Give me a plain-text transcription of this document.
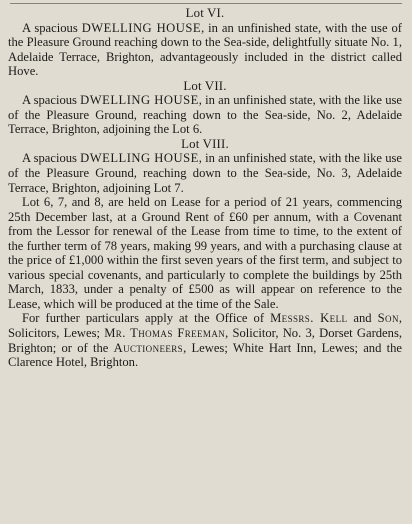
Lot VI.

A spacious DWELLING HOUSE, in an unfinished state, with the use of the Pleasure Ground reaching down to the Sea-side, delightfully situate No. 1, Adelaide Terrace, Brighton, advantageously included in the district called Hove.

Lot VII.

A spacious DWELLING HOUSE, in an unfinished state, with the like use of the Pleasure Ground, reaching down to the Sea-side, No. 2, Adelaide Terrace, Brighton, adjoining the Lot 6.

Lot VIII.

A spacious DWELLING HOUSE, in an unfinished state, with the like use of the Pleasure Ground, reaching down to the Sea-side, No. 3, Adelaide Terrace, Brighton, adjoining Lot 7.

Lot 6, 7, and 8, are held on Lease for a period of 21 years, commencing 25th December last, at a Ground Rent of £60 per annum, with a Covenant from the Lessor for renewal of the Lease from time to time, to the extent of the further term of 78 years, making 99 years, and with a purchasing clause at the price of £1,000 within the first seven years of the first term, and subject to various special covenants, and particularly to complete the buildings by 25th March, 1833, under a penalty of £500 as will appear on reference to the Lease, which will be produced at the time of the Sale.

For further particulars apply at the Office of Messrs. Kell and Son, Solicitors, Lewes; Mr. Thomas Freeman, Solicitor, No. 3, Dorset Gardens, Brighton; or of the Auctioneers, Lewes; White Hart Inn, Lewes; and the Clarence Hotel, Brighton.
